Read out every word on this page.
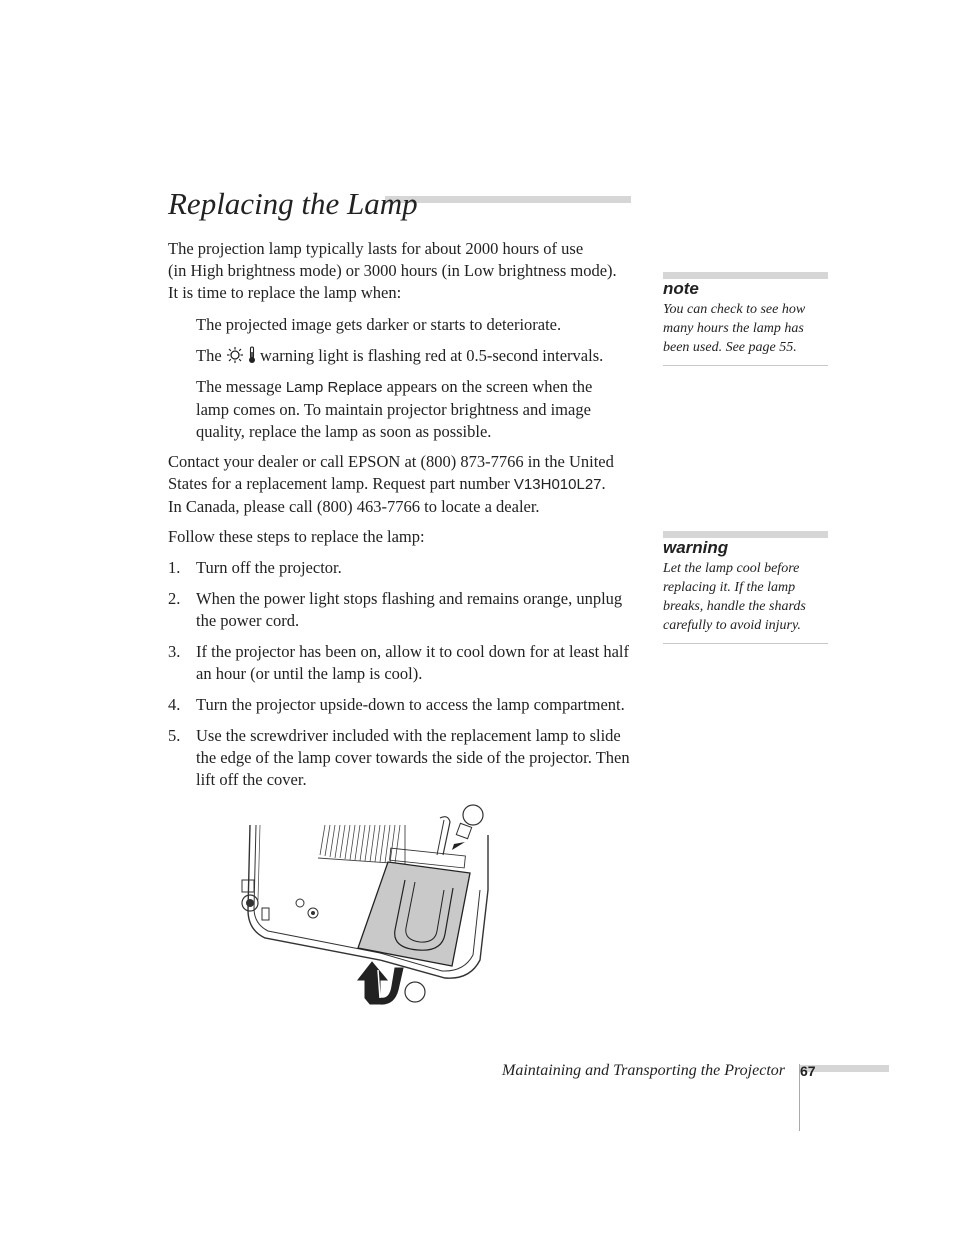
Replacing the Lamp
The projection lamp typically lasts for about 2000 hours of use
(in High brightness mode) or 3000 hours (in Low brightness mode).
It is time to replace the lamp when:
The projected image gets darker or starts to deteriorate.
The warning light is flashing red at 0.5-second intervals.
The message Lamp Replace appears on the screen when the
lamp comes on. To maintain projector brightness and image
quality, replace the lamp as soon as possible.
Contact your dealer or call EPSON at (800) 873-7766 in the United
States for a replacement lamp. Request part number V13H010L27.
In Canada, please call (800) 463-7766 to locate a dealer.
Follow these steps to replace the lamp:
1. Turn off the projector.
2. When the power light stops flashing and remains orange, unplug
the power cord.
3. If the projector has been on, allow it to cool down for at least half
an hour (or until the lamp is cool).
4. Turn the projector upside-down to access the lamp compartment.
5. Use the screwdriver included with the replacement lamp to slide
the edge of the lamp cover towards the side of the projector. Then
lift off the cover.
note
You can check to see how
many hours the lamp has
been used. See page 55.
warning
Let the lamp cool before
replacing it. If the lamp
breaks, handle the shards
carefully to avoid injury.
Maintaining and Transporting the Projector 67
